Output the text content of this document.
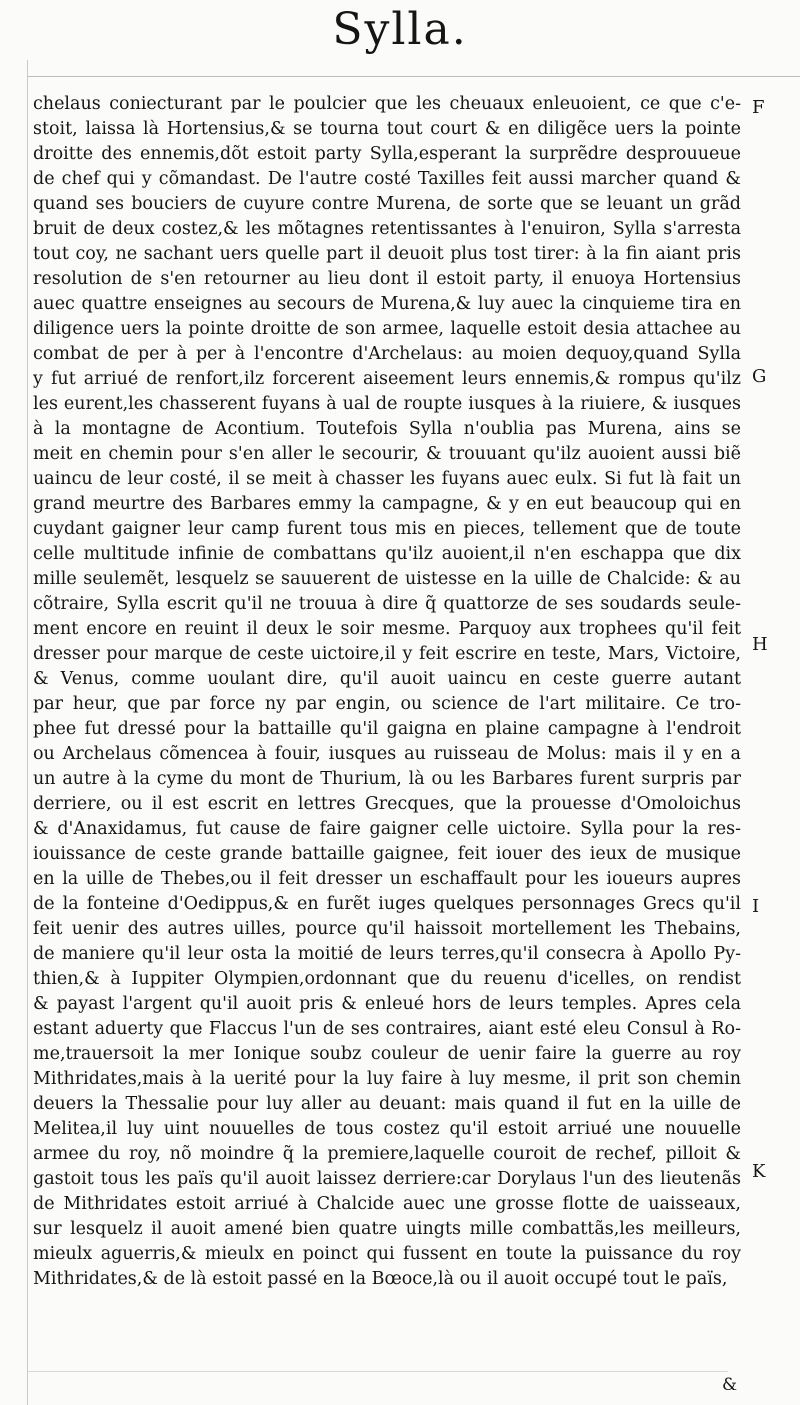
Sylla.
chelaus coniecturant par le poulcier que les cheuaux enleuoient, ce que c'e-
stoit, laissa là Hortensius,& se tourna tout court & en diligẽce uers la pointe
droitte des ennemis,dõt estoit party Sylla,esperant la surprẽdre desprouueue
de chef qui y cõmandast. De l'autre costé Taxilles feit aussi marcher quand &
quand ses bouciers de cuyure contre Murena, de sorte que se leuant un grãd
bruit de deux costez,& les mõtagnes retentissantes à l'enuiron, Sylla s'arresta
tout coy, ne sachant uers quelle part il deuoit plus tost tirer: à la fin aiant pris
resolution de s'en retourner au lieu dont il estoit party, il enuoya Hortensius
auec quattre enseignes au secours de Murena,& luy auec la cinquieme tira en
diligence uers la pointe droitte de son armee, laquelle estoit desia attachee au
combat de per à per à l'encontre d'Archelaus: au moien dequoy,quand Sylla
y fut arriué de renfort,ilz forcerent aiseement leurs ennemis,& rompus qu'ilz
les eurent,les chasserent fuyans à ual de roupte iusques à la riuiere, & iusques
à la montagne de Acontium. Toutefois Sylla n'oublia pas Murena, ains se
meit en chemin pour s'en aller le secourir, & trouuant qu'ilz auoient aussi biẽ
uaincu de leur costé, il se meit à chasser les fuyans auec eulx. Si fut là fait un
grand meurtre des Barbares emmy la campagne, & y en eut beaucoup qui en
cuydant gaigner leur camp furent tous mis en pieces, tellement que de toute
celle multitude infinie de combattans qu'ilz auoient,il n'en eschappa que dix
mille seulemẽt, lesquelz se sauuerent de uistesse en la uille de Chalcide: & au
cõtraire, Sylla escrit qu'il ne trouua à dire q̃ quattorze de ses soudards seule-
ment encore en reuint il deux le soir mesme. Parquoy aux trophees qu'il feit
dresser pour marque de ceste uictoire,il y feit escrire en teste, Mars, Victoire,
& Venus, comme uoulant dire, qu'il auoit uaincu en ceste guerre autant
par heur, que par force ny par engin, ou science de l'art militaire. Ce tro-
phee fut dressé pour la battaille qu'il gaigna en plaine campagne à l'endroit
ou Archelaus cõmencea à fouir, iusques au ruisseau de Molus: mais il y en a
un autre à la cyme du mont de Thurium, là ou les Barbares furent surpris par
derriere, ou il est escrit en lettres Grecques, que la prouesse d'Omoloichus
& d'Anaxidamus, fut cause de faire gaigner celle uictoire. Sylla pour la res-
iouissance de ceste grande battaille gaignee, feit iouer des ieux de musique
en la uille de Thebes,ou il feit dresser un eschaffault pour les ioueurs aupres
de la fonteine d'Oedippus,& en furẽt iuges quelques personnages Grecs qu'il
feit uenir des autres uilles, pource qu'il haissoit mortellement les Thebains,
de maniere qu'il leur osta la moitié de leurs terres,qu'il consecra à Apollo Py-
thien,& à Iuppiter Olympien,ordonnant que du reuenu d'icelles, on rendist
& payast l'argent qu'il auoit pris & enleué hors de leurs temples. Apres cela
estant aduerty que Flaccus l'un de ses contraires, aiant esté eleu Consul à Ro-
me,trauersoit la mer Ionique soubz couleur de uenir faire la guerre au roy
Mithridates,mais à la uerité pour la luy faire à luy mesme, il prit son chemin
deuers la Thessalie pour luy aller au deuant: mais quand il fut en la uille de
Melitea,il luy uint nouuelles de tous costez qu'il estoit arriué une nouuelle
armee du roy, nõ moindre q̃ la premiere,laquelle couroit de rechef, pilloit &
gastoit tous les païs qu'il auoit laissez derriere:car Dorylaus l'un des lieutenãs
de Mithridates estoit arriué à Chalcide auec une grosse flotte de uaisseaux,
sur lesquelz il auoit amené bien quatre uingts mille combattãs,les meilleurs,
mieulx aguerris,& mieulx en poinct qui fussent en toute la puissance du roy
Mithridates,& de là estoit passé en la Bœoce,là ou il auoit occupé tout le païs,
F
G
H
I
K
&
